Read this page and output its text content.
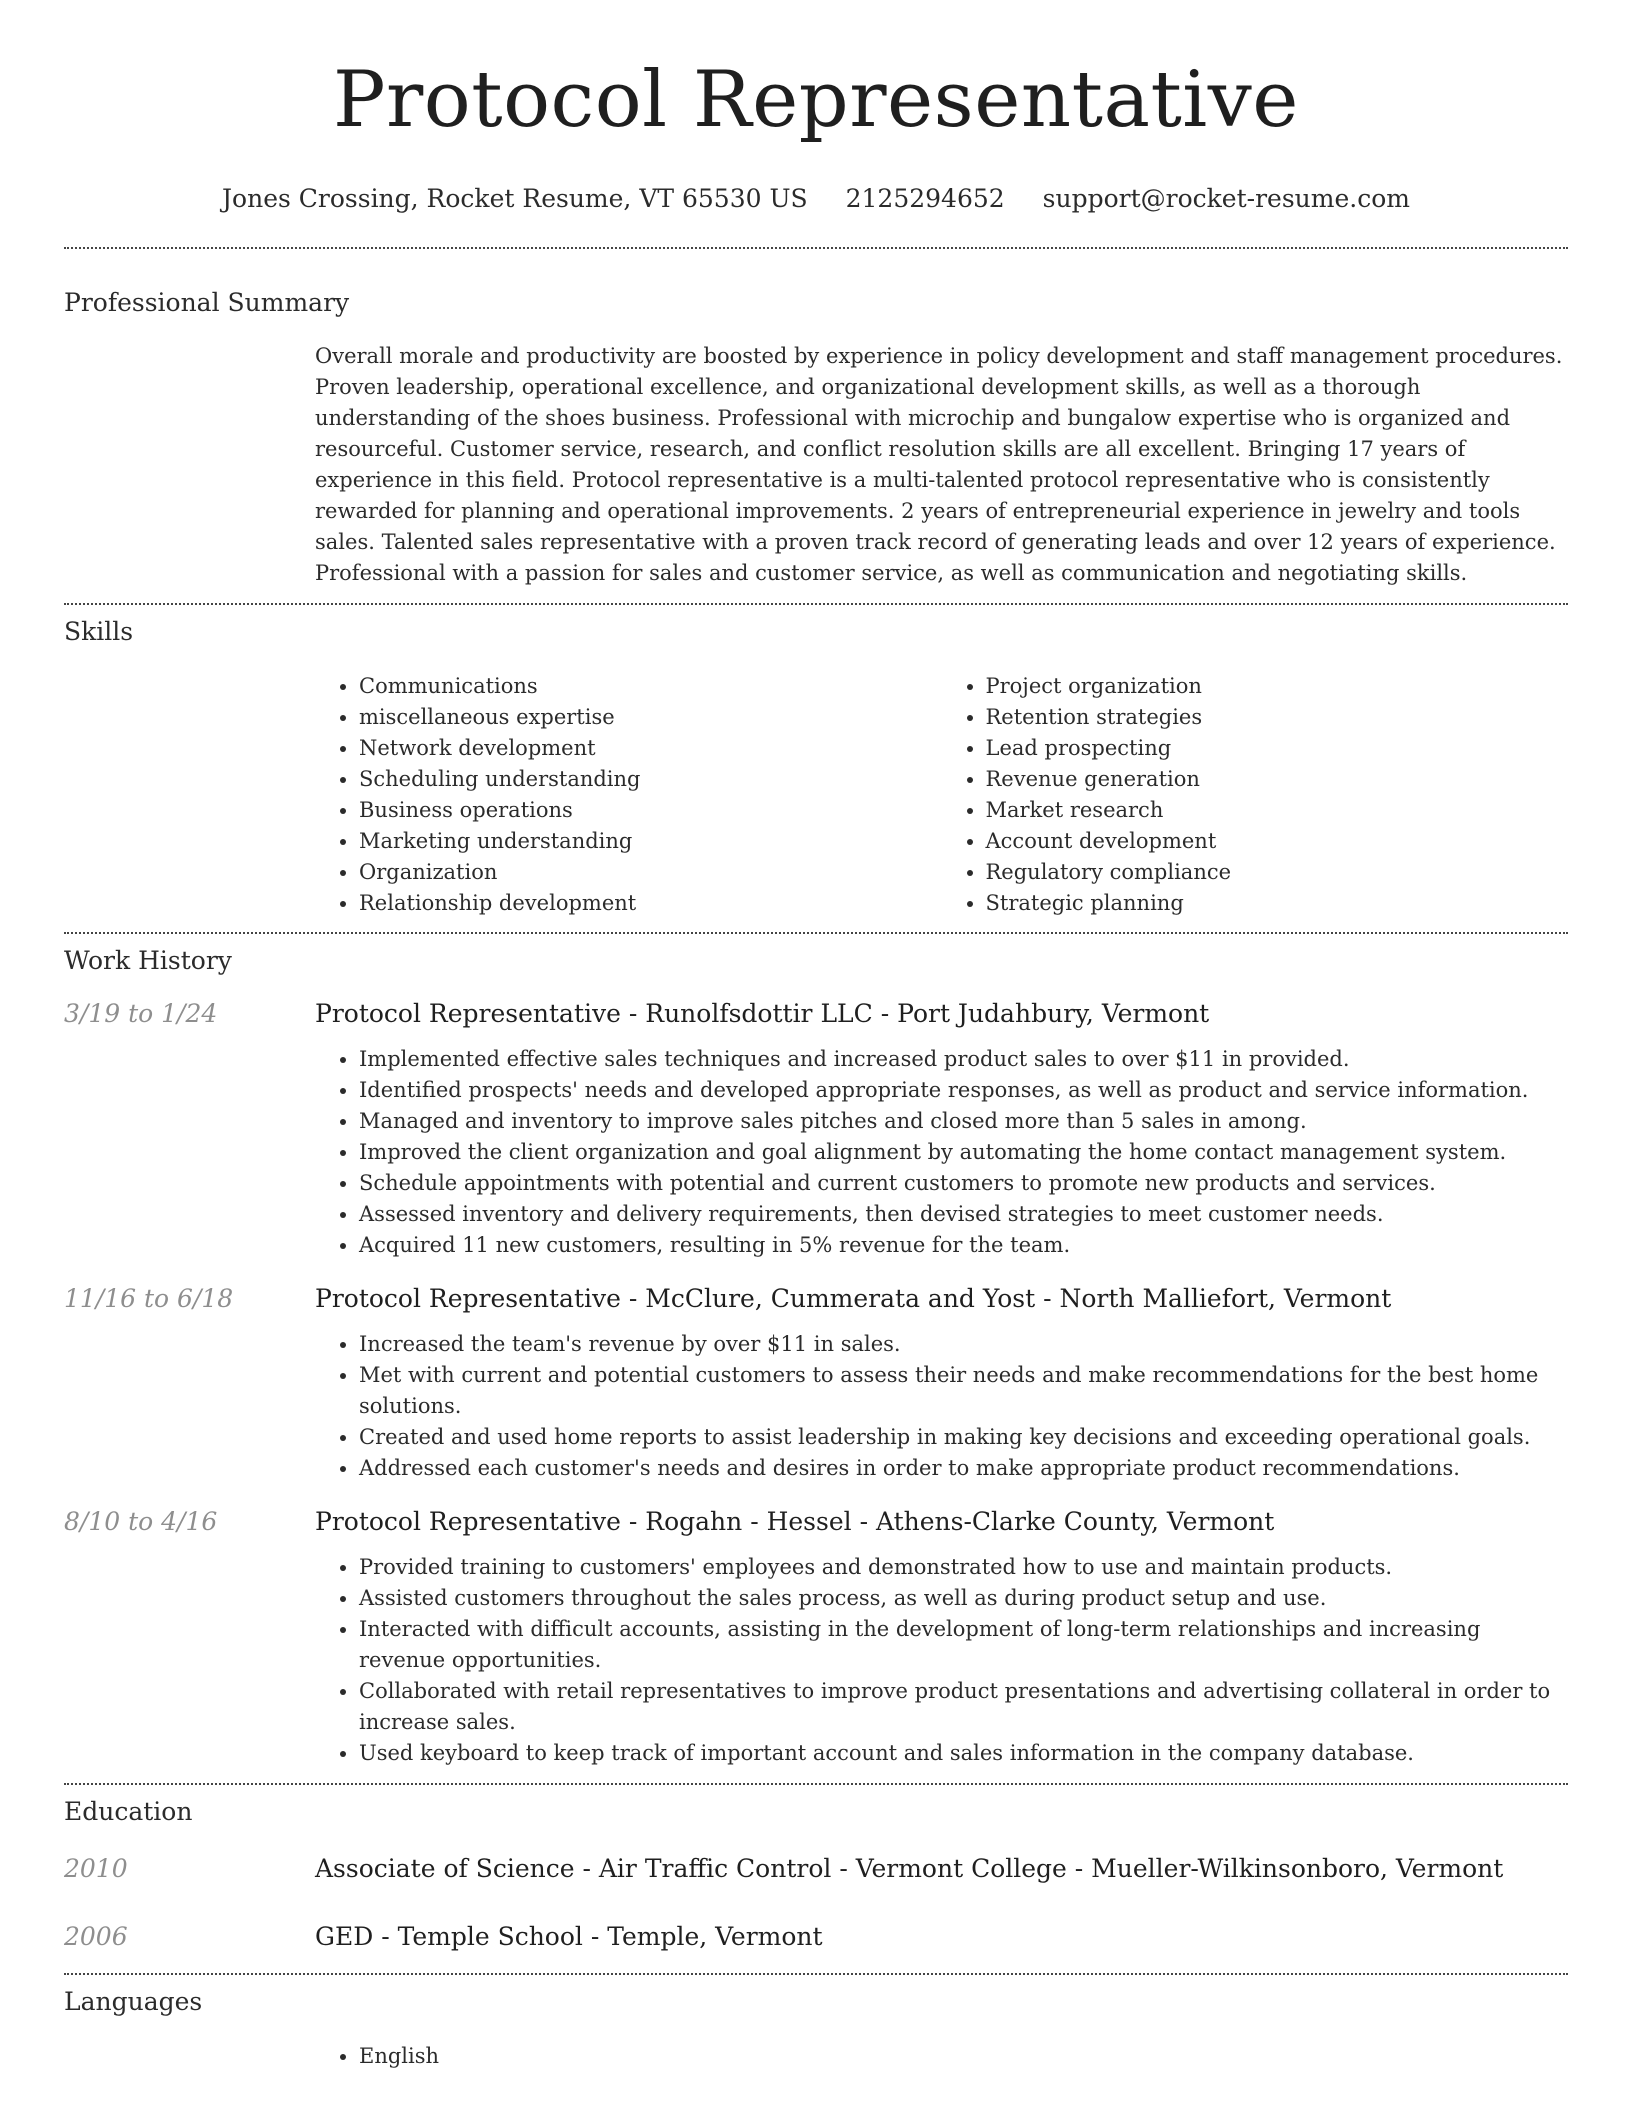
Protocol Representative
Jones Crossing, Rocket Resume, VT 65530 US 2125294652 support@rocket-resume.com
Professional Summary
Overall morale and productivity are boosted by experience in policy development and staff management procedures. Proven leadership, operational excellence, and organizational development skills, as well as a thorough understanding of the shoes business. Professional with microchip and bungalow expertise who is organized and resourceful. Customer service, research, and conflict resolution skills are all excellent. Bringing 17 years of experience in this field. Protocol representative is a multi-talented protocol representative who is consistently rewarded for planning and operational improvements. 2 years of entrepreneurial experience in jewelry and tools sales. Talented sales representative with a proven track record of generating leads and over 12 years of experience. Professional with a passion for sales and customer service, as well as communication and negotiating skills.
Skills
• Communications
• miscellaneous expertise
• Network development
• Scheduling understanding
• Business operations
• Marketing understanding
• Organization
• Relationship development
• Project organization
• Retention strategies
• Lead prospecting
• Revenue generation
• Market research
• Account development
• Regulatory compliance
• Strategic planning
Work History
3/19 to 1/24	Protocol Representative - Runolfsdottir LLC - Port Judahbury, Vermont
• Implemented effective sales techniques and increased product sales to over $11 in provided.
• Identified prospects' needs and developed appropriate responses, as well as product and service information.
• Managed and inventory to improve sales pitches and closed more than 5 sales in among.
• Improved the client organization and goal alignment by automating the home contact management system.
• Schedule appointments with potential and current customers to promote new products and services.
• Assessed inventory and delivery requirements, then devised strategies to meet customer needs.
• Acquired 11 new customers, resulting in 5% revenue for the team.
11/16 to 6/18	Protocol Representative - McClure, Cummerata and Yost - North Malliefort, Vermont
• Increased the team's revenue by over $11 in sales.
• Met with current and potential customers to assess their needs and make recommendations for the best home solutions.
• Created and used home reports to assist leadership in making key decisions and exceeding operational goals.
• Addressed each customer's needs and desires in order to make appropriate product recommendations.
8/10 to 4/16	Protocol Representative - Rogahn - Hessel - Athens-Clarke County, Vermont
• Provided training to customers' employees and demonstrated how to use and maintain products.
• Assisted customers throughout the sales process, as well as during product setup and use.
• Interacted with difficult accounts, assisting in the development of long-term relationships and increasing revenue opportunities.
• Collaborated with retail representatives to improve product presentations and advertising collateral in order to increase sales.
• Used keyboard to keep track of important account and sales information in the company database.
Education
2010	Associate of Science - Air Traffic Control - Vermont College - Mueller-Wilkinsonboro, Vermont
2006	GED - Temple School - Temple, Vermont
Languages
• English
